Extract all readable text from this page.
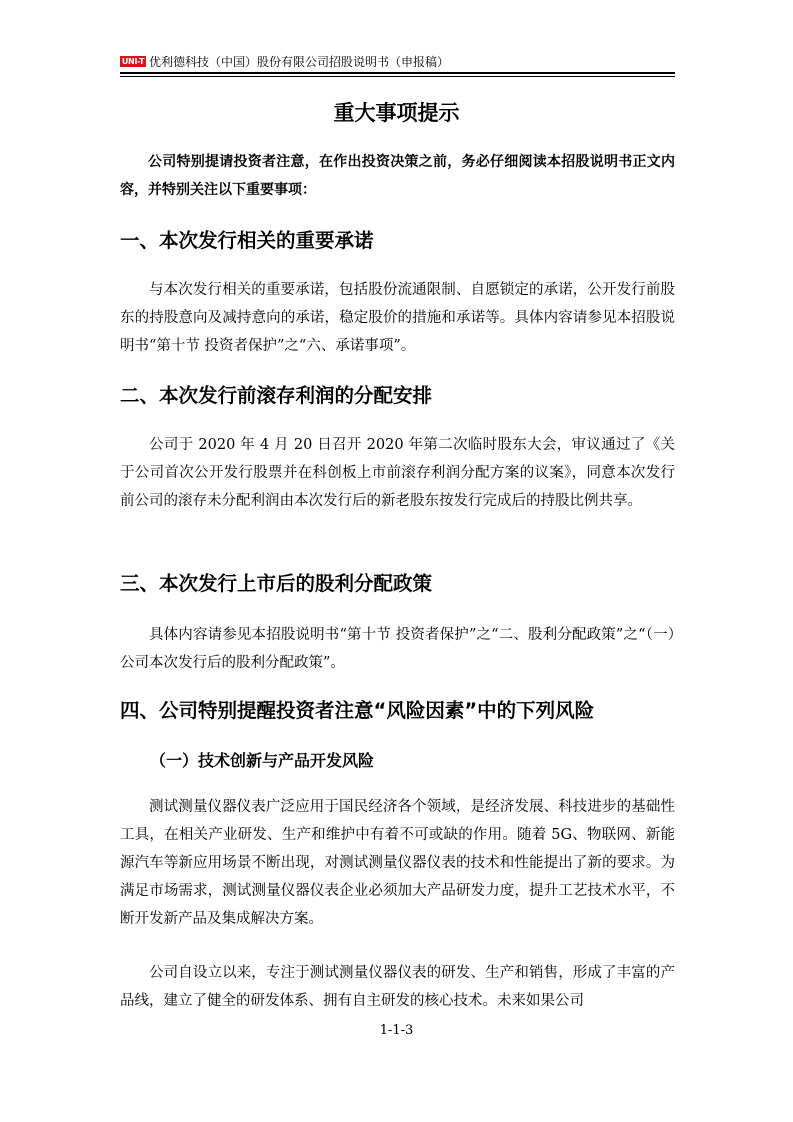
UNI-T 优利德科技（中国）股份有限公司招股说明书（申报稿）
重大事项提示
公司特别提请投资者注意，在作出投资决策之前，务必仔细阅读本招股说明书正文内容，并特别关注以下重要事项：
一、本次发行相关的重要承诺
与本次发行相关的重要承诺，包括股份流通限制、自愿锁定的承诺，公开发行前股东的持股意向及减持意向的承诺，稳定股价的措施和承诺等。具体内容请参见本招股说明书“第十节 投资者保护”之“六、承诺事项”。
二、本次发行前滚存利润的分配安排
公司于 2020 年 4 月 20 日召开 2020 年第二次临时股东大会，审议通过了《关于公司首次公开发行股票并在科创板上市前滚存利润分配方案的议案》，同意本次发行前公司的滚存未分配利润由本次发行后的新老股东按发行完成后的持股比例共享。
三、本次发行上市后的股利分配政策
具体内容请参见本招股说明书“第十节 投资者保护”之“二、股利分配政策”之“（一）公司本次发行后的股利分配政策”。
四、公司特别提醒投资者注意“风险因素”中的下列风险
（一）技术创新与产品开发风险
测试测量仪器仪表广泛应用于国民经济各个领域，是经济发展、科技进步的基础性工具，在相关产业研发、生产和维护中有着不可或缺的作用。随着 5G、物联网、新能源汽车等新应用场景不断出现，对测试测量仪器仪表的技术和性能提出了新的要求。为满足市场需求，测试测量仪器仪表企业必须加大产品研发力度，提升工艺技术水平，不断开发新产品及集成解决方案。
公司自设立以来，专注于测试测量仪器仪表的研发、生产和销售，形成了丰富的产品线，建立了健全的研发体系、拥有自主研发的核心技术。未来如果公司
1-1-3
